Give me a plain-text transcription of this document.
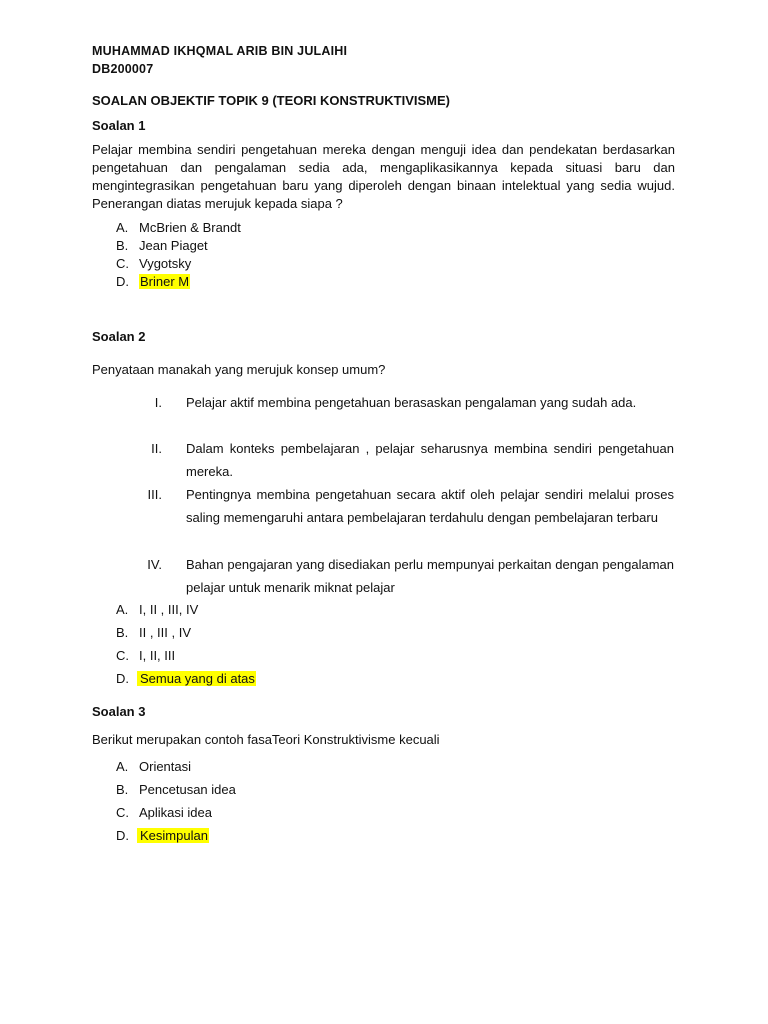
MUHAMMAD IKHQMAL ARIB BIN JULAIHI
DB200007
SOALAN OBJEKTIF TOPIK 9 (TEORI KONSTRUKTIVISME)
Soalan 1
Pelajar membina sendiri pengetahuan mereka dengan menguji idea dan pendekatan berdasarkan pengetahuan dan pengalaman sedia ada, mengaplikasikannya kepada situasi baru dan mengintegrasikan pengetahuan baru yang diperoleh dengan binaan intelektual yang sedia wujud. Penerangan diatas merujuk kepada siapa ?
A. McBrien & Brandt
B. Jean Piaget
C. Vygotsky
D. Briner M
Soalan 2
Penyataan manakah yang merujuk konsep umum?
I. Pelajar aktif membina pengetahuan berasaskan pengalaman yang sudah ada.
II. Dalam konteks pembelajaran , pelajar seharusnya membina sendiri pengetahuan mereka.
III. Pentingnya membina pengetahuan secara aktif oleh pelajar sendiri melalui proses saling memengaruhi antara pembelajaran terdahulu dengan pembelajaran terbaru
IV. Bahan pengajaran yang disediakan perlu mempunyai perkaitan dengan pengalaman pelajar untuk menarik miknat pelajar
A. I, II , III, IV
B. II , III , IV
C. I, II, III
D. Semua yang di atas
Soalan 3
Berikut merupakan contoh fasaTeori Konstruktivisme kecuali
A. Orientasi
B. Pencetusan idea
C. Aplikasi idea
D. Kesimpulan
